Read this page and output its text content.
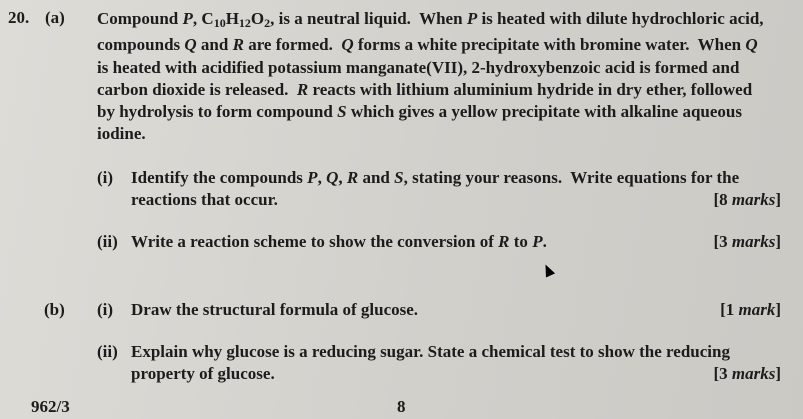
20. (a) Compound P, $C_{10}H_{12}O_2$, is a neutral liquid.  When P is heated with dilute hydrochloric acid,
compounds Q and R are formed.  Q forms a white precipitate with bromine water.  When Q
is heated with acidified potassium manganate(VII), 2-hydroxybenzoic acid is formed and
carbon dioxide is released.  R reacts with lithium aluminium hydride in dry ether, followed
by hydrolysis to form compound S which gives a yellow precipitate with alkaline aqueous
iodine.
(i) Identify the compounds P, Q, R and S, stating your reasons.  Write equations for the
reactions that occur.	[8 marks]
(ii) Write a reaction scheme to show the conversion of R to P.	[3 marks]
(b) (i) Draw the structural formula of glucose.	[1 mark]
(ii) Explain why glucose is a reducing sugar. State a chemical test to show the reducing
property of glucose.	[3 marks]
962/3	8
